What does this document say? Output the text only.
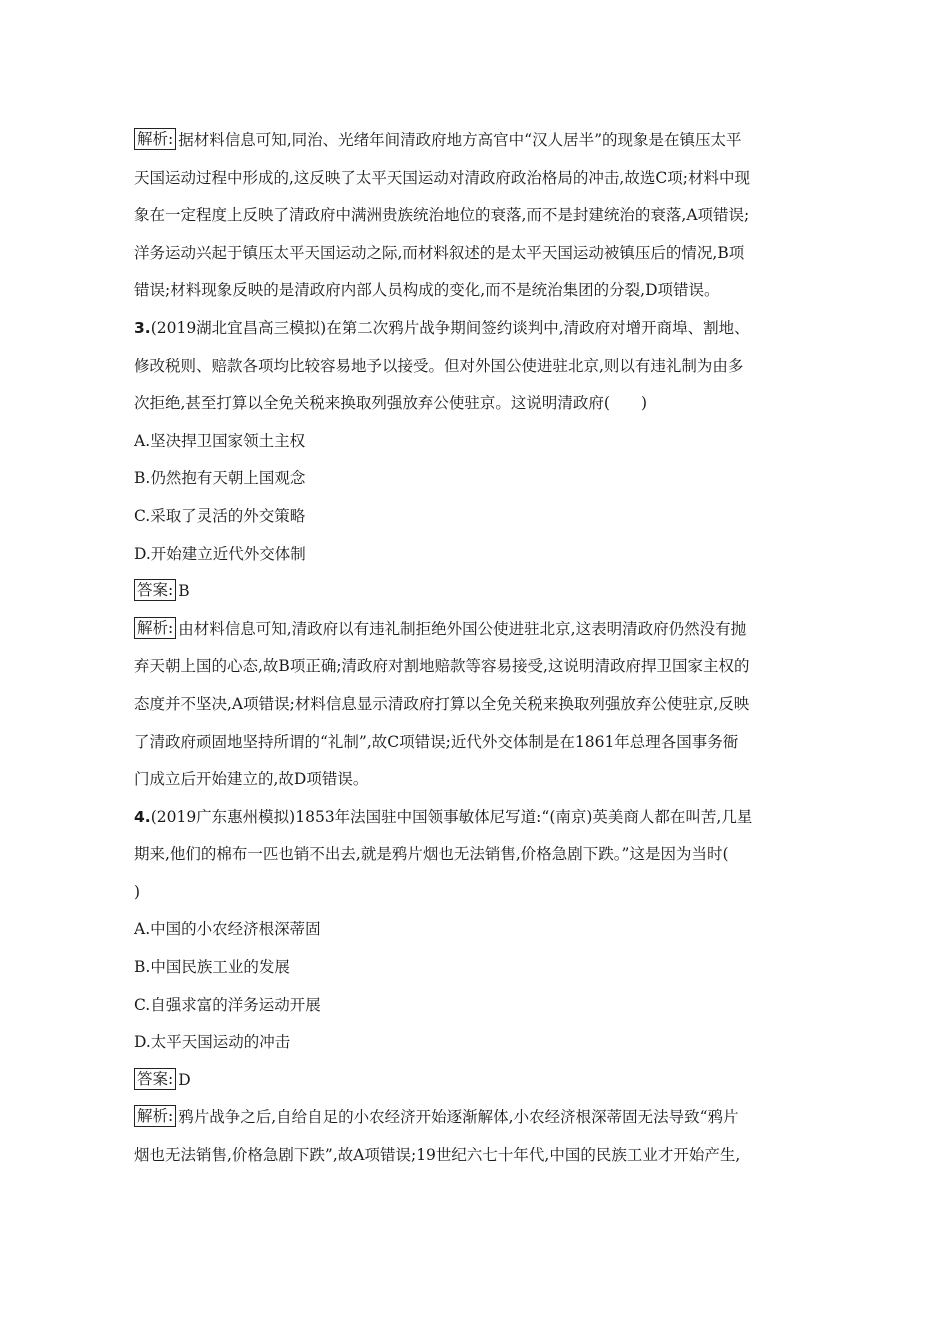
解析: 据材料信息可知,同治、光绪年间清政府地方高官中“汉人居半”的现象是在镇压太平
天国运动过程中形成的,这反映了太平天国运动对清政府政治格局的冲击,故选C项;材料中现
象在一定程度上反映了清政府中满洲贵族统治地位的衰落,而不是封建统治的衰落,A项错误;
洋务运动兴起于镇压太平天国运动之际,而材料叙述的是太平天国运动被镇压后的情况,B项
错误;材料现象反映的是清政府内部人员构成的变化,而不是统治集团的分裂,D项错误。
3.(2019湖北宜昌高三模拟)在第二次鸦片战争期间签约谈判中,清政府对增开商埠、割地、
修改税则、赔款各项均比较容易地予以接受。但对外国公使进驻北京,则以有违礼制为由多
次拒绝,甚至打算以全免关税来换取列强放弃公使驻京。这说明清政府(　　)
A.坚决捍卫国家领土主权
B.仍然抱有天朝上国观念
C.采取了灵活的外交策略
D.开始建立近代外交体制
答案: B
解析: 由材料信息可知,清政府以有违礼制拒绝外国公使进驻北京,这表明清政府仍然没有抛
弃天朝上国的心态,故B项正确;清政府对割地赔款等容易接受,这说明清政府捍卫国家主权的
态度并不坚决,A项错误;材料信息显示清政府打算以全免关税来换取列强放弃公使驻京,反映
了清政府顽固地坚持所谓的“礼制”,故C项错误;近代外交体制是在1861年总理各国事务衙
门成立后开始建立的,故D项错误。
4.(2019广东惠州模拟)1853年法国驻中国领事敏体尼写道:“(南京)英美商人都在叫苦,几星
期来,他们的棉布一匹也销不出去,就是鸦片烟也无法销售,价格急剧下跌。”这是因为当时(
)
A.中国的小农经济根深蒂固
B.中国民族工业的发展
C.自强求富的洋务运动开展
D.太平天国运动的冲击
答案: D
解析: 鸦片战争之后,自给自足的小农经济开始逐渐解体,小农经济根深蒂固无法导致“鸦片
烟也无法销售,价格急剧下跌”,故A项错误;19世纪六七十年代,中国的民族工业才开始产生,
